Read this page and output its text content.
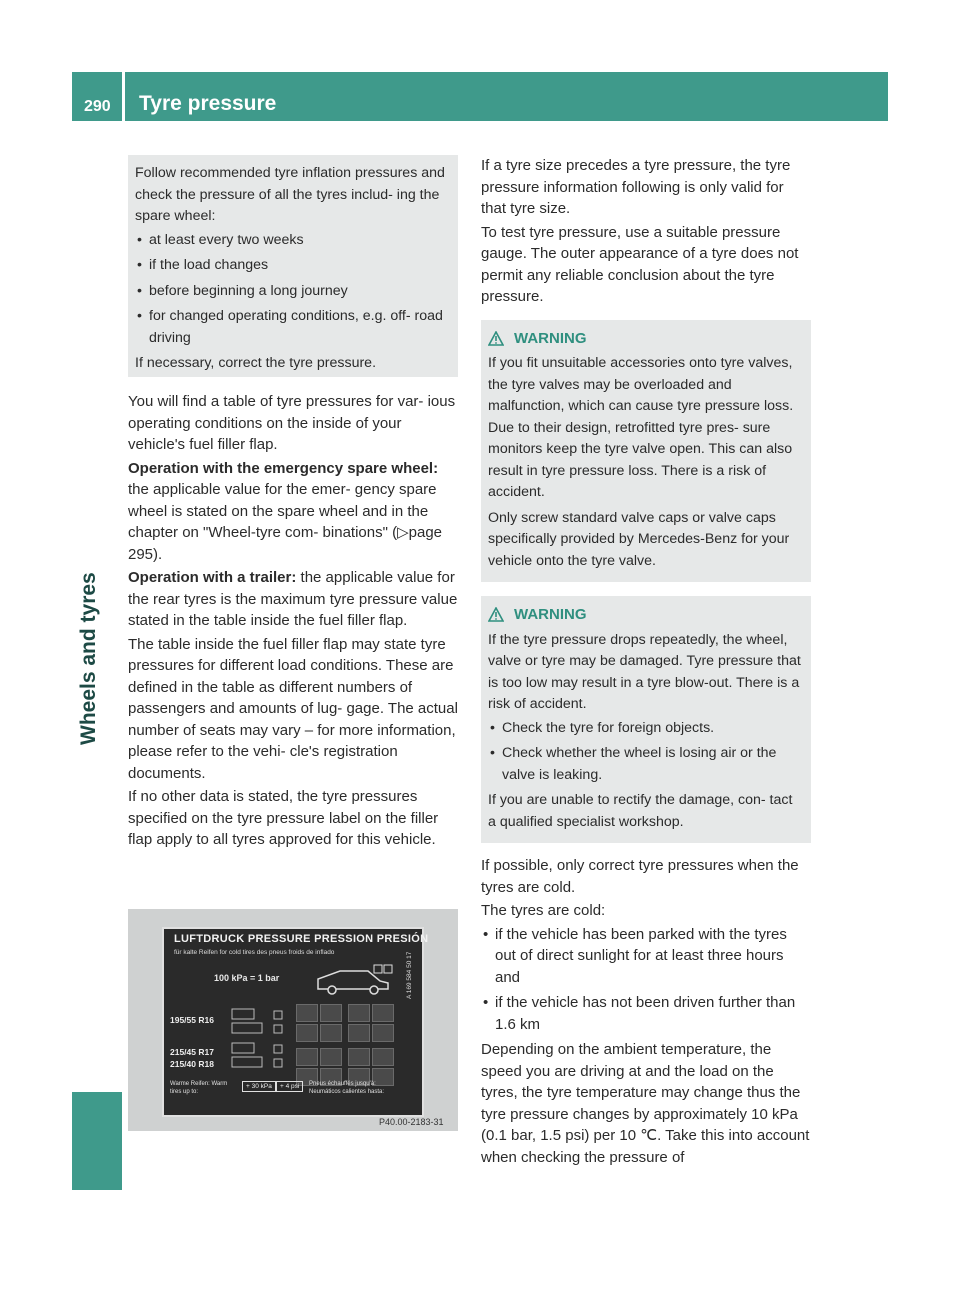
290 Tyre pressure
Wheels and tyres

Follow recommended tyre inflation pressures and check the pressure of all the tyres includ- ing the spare wheel:

• at least every two weeks
• if the load changes
• before beginning a long journey
• for changed operating conditions, e.g. off- road driving

If necessary, correct the tyre pressure.

You will find a table of tyre pressures for var- ious operating conditions on the inside of your vehicle's fuel filler flap.

Operation with the emergency spare wheel: the applicable value for the emer- gency spare wheel is stated on the spare wheel and in the chapter on "Wheel-tyre com- binations" (▷page 295).

Operation with a trailer: the applicable value for the rear tyres is the maximum tyre pressure value stated in the table inside the fuel filler flap.

The table inside the fuel filler flap may state tyre pressures for different load conditions. These are defined in the table as different numbers of passengers and amounts of lug- gage. The actual number of seats may vary – for more information, please refer to the vehi- cle's registration documents.

If no other data is stated, the tyre pressures specified on the tyre pressure label on the filler flap apply to all tyres approved for this vehicle.

LUFTDRUCK PRESSURE PRESSION PRESIÓN
für kalte Reifen for cold tires des pneus froids de inflado
100 kPa = 1 bar
195/55 R16
215/45 R17
215/40 R18
A 169 584 50 17
Warme Reifen: Warm tires up to:
+ 30 kPa	+ 4 psi	Pneus échauffés jusqu'à: Neumáticos calientes hasta:
P40.00-2183-31

If a tyre size precedes a tyre pressure, the tyre pressure information following is only valid for that tyre size.

To test tyre pressure, use a suitable pressure gauge. The outer appearance of a tyre does not permit any reliable conclusion about the tyre pressure.

WARNING

If you fit unsuitable accessories onto tyre valves, the tyre valves may be overloaded and malfunction, which can cause tyre pressure loss. Due to their design, retrofitted tyre pres- sure monitors keep the tyre valve open. This can also result in tyre pressure loss. There is a risk of accident.

Only screw standard valve caps or valve caps specifically provided by Mercedes-Benz for your vehicle onto the tyre valve.

WARNING

If the tyre pressure drops repeatedly, the wheel, valve or tyre may be damaged. Tyre pressure that is too low may result in a tyre blow-out. There is a risk of accident.

• Check the tyre for foreign objects.
• Check whether the wheel is losing air or the valve is leaking.

If you are unable to rectify the damage, con- tact a qualified specialist workshop.

If possible, only correct tyre pressures when the tyres are cold.

The tyres are cold:

• if the vehicle has been parked with the tyres out of direct sunlight for at least three hours and
• if the vehicle has not been driven further than 1.6 km

Depending on the ambient temperature, the speed you are driving at and the load on the tyres, the tyre temperature may change thus the tyre pressure changes by approximately 10 kPa (0.1 bar, 1.5 psi) per 10 ℃. Take this into account when checking the pressure of
